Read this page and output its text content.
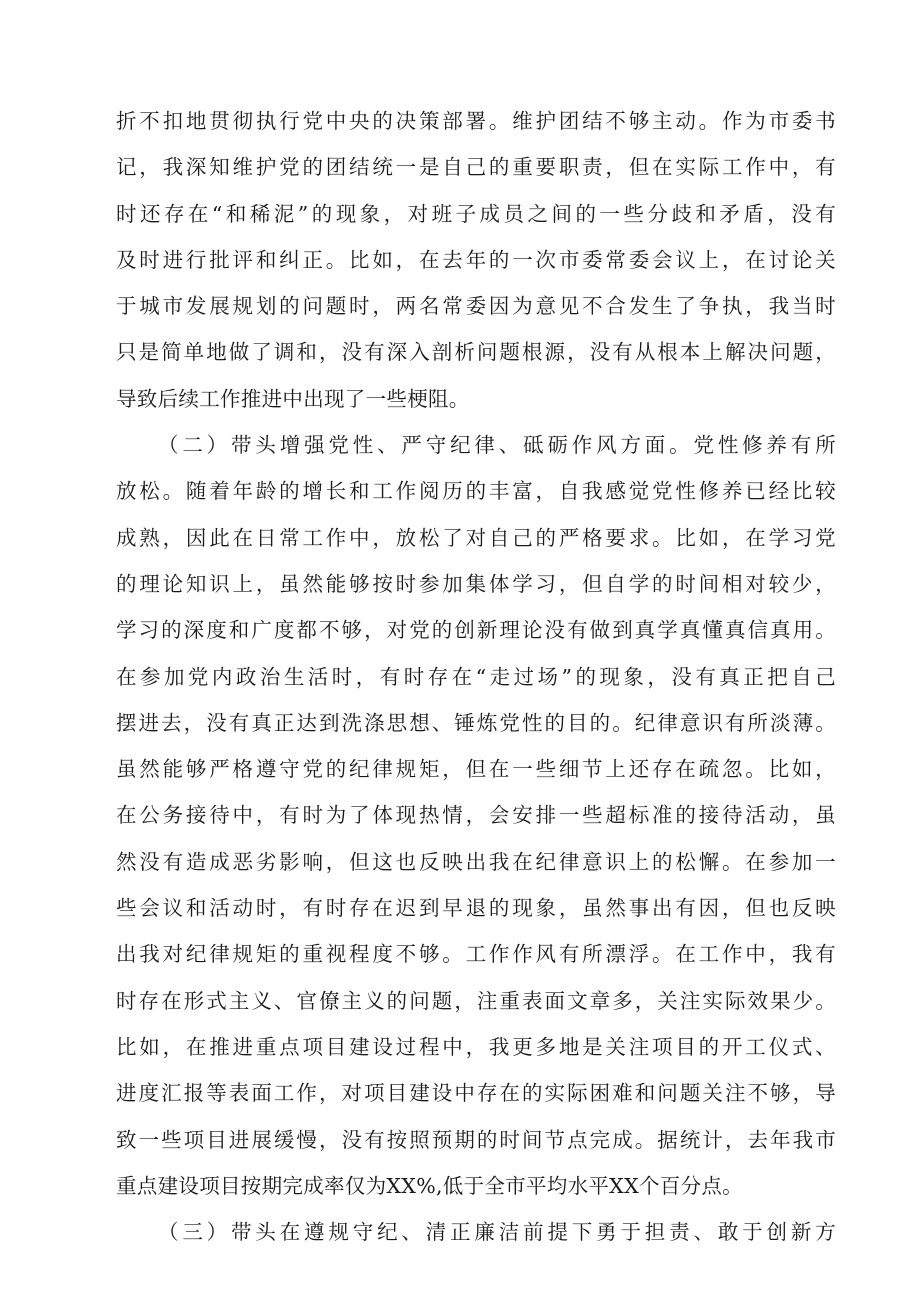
折不扣地贯彻执行党中央的决策部署。维护团结不够主动。作为市委书
记，我深知维护党的团结统一是自己的重要职责，但在实际工作中，有
时还存在“和稀泥”的现象，对班子成员之间的一些分歧和矛盾，没有
及时进行批评和纠正。比如，在去年的一次市委常委会议上，在讨论关
于城市发展规划的问题时，两名常委因为意见不合发生了争执，我当时
只是简单地做了调和，没有深入剖析问题根源，没有从根本上解决问题，
导致后续工作推进中出现了一些梗阻。
（二）带头增强党性、严守纪律、砥砺作风方面。党性修养有所
放松。随着年龄的增长和工作阅历的丰富，自我感觉党性修养已经比较
成熟，因此在日常工作中，放松了对自己的严格要求。比如，在学习党
的理论知识上，虽然能够按时参加集体学习，但自学的时间相对较少，
学习的深度和广度都不够，对党的创新理论没有做到真学真懂真信真用。
在参加党内政治生活时，有时存在“走过场”的现象，没有真正把自己
摆进去，没有真正达到洗涤思想、锤炼党性的目的。纪律意识有所淡薄。
虽然能够严格遵守党的纪律规矩，但在一些细节上还存在疏忽。比如，
在公务接待中，有时为了体现热情，会安排一些超标准的接待活动，虽
然没有造成恶劣影响，但这也反映出我在纪律意识上的松懈。在参加一
些会议和活动时，有时存在迟到早退的现象，虽然事出有因，但也反映
出我对纪律规矩的重视程度不够。工作作风有所漂浮。在工作中，我有
时存在形式主义、官僚主义的问题，注重表面文章多，关注实际效果少。
比如，在推进重点项目建设过程中，我更多地是关注项目的开工仪式、
进度汇报等表面工作，对项目建设中存在的实际困难和问题关注不够，导
致一些项目进展缓慢，没有按照预期的时间节点完成。据统计，去年我市
重点建设项目按期完成率仅为XX%,低于全市平均水平XX个百分点。
（三）带头在遵规守纪、清正廉洁前提下勇于担责、敢于创新方
